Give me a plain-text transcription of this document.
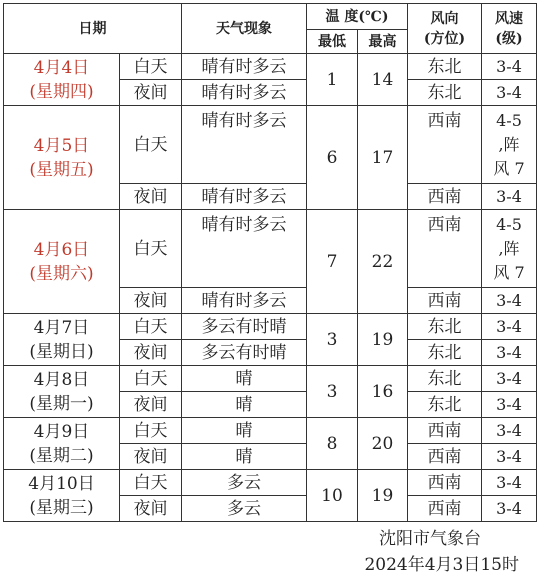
日期		天气现象	温 度(℃)		风向
(方位)	风速
(级)

			最低	最高		

4月4日
(星期四)	白天	晴有时多云	1	14	东北	3-4

	夜间	晴有时多云			东北	3-4

4月5日
(星期五)	白天	晴有时多云	6	17	西南	4-5
,阵
风 7

	夜间	晴有时多云			西南	3-4

4月6日
(星期六)	白天	晴有时多云	7	22	西南	4-5
,阵
风 7

	夜间	晴有时多云			西南	3-4

4月7日
(星期日)	白天	多云有时晴	3	19	东北	3-4

	夜间	多云有时晴			东北	3-4

4月8日
(星期一)	白天	晴	3	16	东北	3-4

	夜间	晴			东北	3-4

4月9日
(星期二)	白天	晴	8	20	西南	3-4

	夜间	晴			西南	3-4

4月10日
(星期三)	白天	多云	10	19	西南	3-4

	夜间	多云			西南	3-4
沈阳市气象台
2024年4月3日15时
